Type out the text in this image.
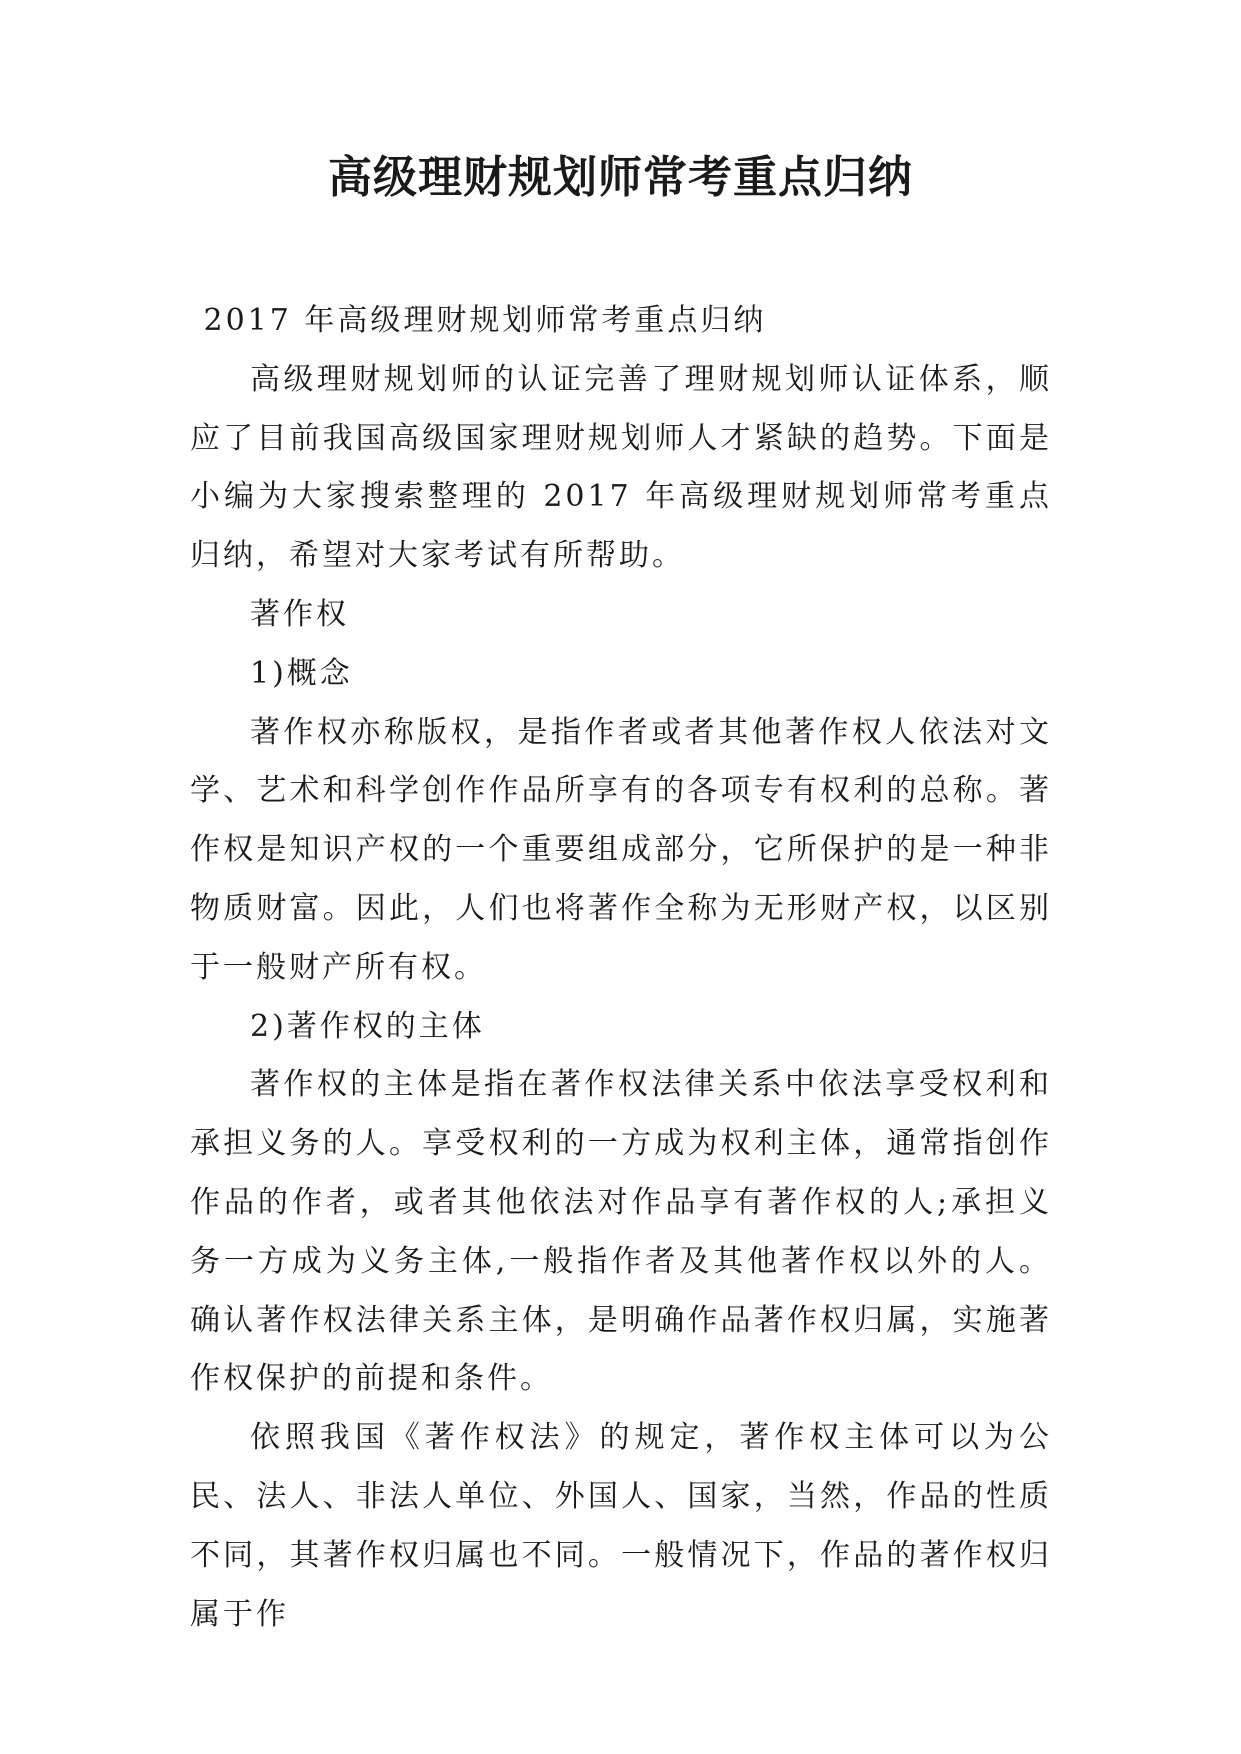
高级理财规划师常考重点归纳

2017 年高级理财规划师常考重点归纳

高级理财规划师的认证完善了理财规划师认证体系，顺应了目前我国高级国家理财规划师人才紧缺的趋势。下面是小编为大家搜索整理的 2017 年高级理财规划师常考重点归纳，希望对大家考试有所帮助。

著作权

1)概念

著作权亦称版权，是指作者或者其他著作权人依法对文学、艺术和科学创作作品所享有的各项专有权利的总称。著作权是知识产权的一个重要组成部分，它所保护的是一种非物质财富。因此，人们也将著作全称为无形财产权，以区别于一般财产所有权。

2)著作权的主体

著作权的主体是指在著作权法律关系中依法享受权利和承担义务的人。享受权利的一方成为权利主体，通常指创作作品的作者，或者其他依法对作品享有著作权的人;承担义务一方成为义务主体,一般指作者及其他著作权以外的人。确认著作权法律关系主体，是明确作品著作权归属，实施著作权保护的前提和条件。

依照我国《著作权法》的规定，著作权主体可以为公民、法人、非法人单位、外国人、国家，当然，作品的性质不同，其著作权归属也不同。一般情况下，作品的著作权归属于作
